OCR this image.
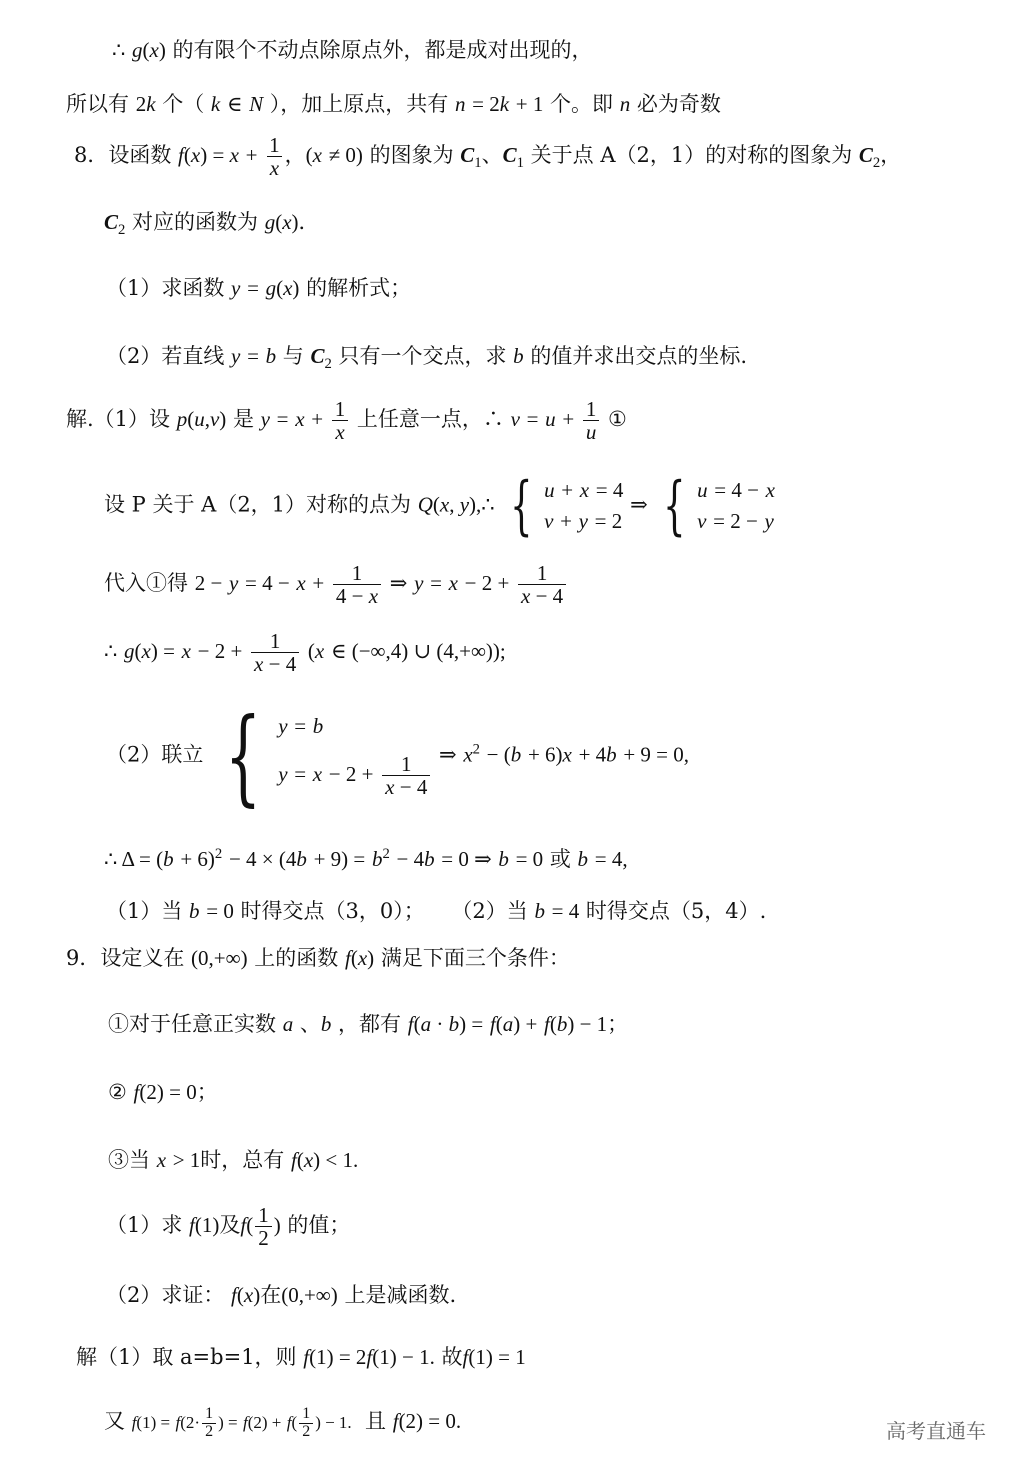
∴ g(x) 的有限个不动点除原点外，都是成对出现的，
所以有 2k 个（ k ∈ N ），加上原点，共有 n = 2k + 1 个。即 n 必为奇数
8．设函数 $f(x) = x + \frac{1}{x}$ ，(x ≠ 0) 的图象为 $C_1$、$C_1$ 关于点 A（2，1）的对称的图象为 $C_2$，
$C_2$ 对应的函数为 g(x)．
（1）求函数 y = g(x) 的解析式；
（2）若直线 y = b 与 $C_2$ 只有一个交点，求 b 的值并求出交点的坐标.
解.（1）设 p(u,v) 是 $y = x + \frac{1}{x}$ 上任意一点，∴ $v = u + \frac{1}{u}$ ①
设 P 关于 A（2，1）对称的点为 Q(x, y),∴ { u + x = 4
v + y = 2
⇒ { u = 4 − x
v = 2 − y
代入①得 $2 - y = 4 - x + \frac{1}{4 - x}$ ⇒ $y = x - 2 + \frac{1}{x - 4}$
∴ $g(x) = x - 2 + \frac{1}{x - 4} (x$ ∈ (−∞,4) ∪ (4,+∞));
（2）联立 { y = b
$y = x - 2 + \frac{1}{x - 4}$ ⇒ $x^2 - (b + 6)x + 4b + 9 = 0$,
∴ $\Delta = (b + 6)^2 - 4 \times (4b + 9) = b^2 - 4b = 0$ ⇒ b = 0 或 b = 4,
（1）当 b = 0 时得交点（3，0）；    （2）当 b = 4 时得交点（5，4）.
9．设定义在 (0,+∞) 上的函数 f(x) 满足下面三个条件：
①对于任意正实数 a 、b ，都有 f(a · b) = f(a) + f(b) − 1；
② f(2) = 0；
③当 x > 1时，总有 f(x) < 1.
（1）求 f(1)及$f( \frac{1}{2}$ ) 的值；
（2）求证： f(x)在(0,+∞) 上是减函数.
解（1）取 a=b=1，则 f(1) = 2f(1) − 1. 故f(1) = 1
又 $f(1) = f(2\cdot \frac{1}{2}$ ) = $f(2) + f( \frac{1}{2}$ ) − 1.  且 f(2) = 0.	高考直通车
